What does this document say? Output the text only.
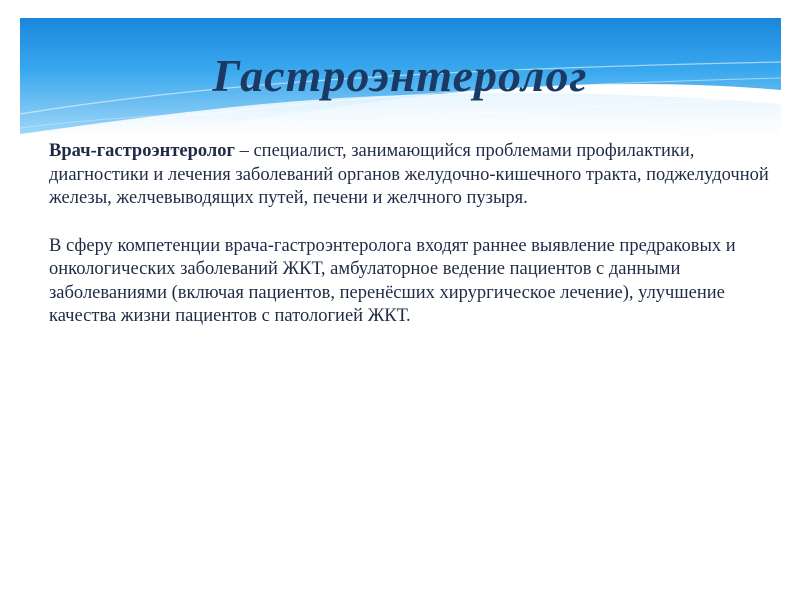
Гастроэнтеролог

Врач-гастроэнтеролог – специалист, занимающийся проблемами профилактики, диагностики и лечения заболеваний органов желудочно-кишечного тракта, поджелудочной железы, желчевыводящих путей, печени и желчного пузыря.

В сферу компетенции врача-гастроэнтеролога входят раннее выявление предраковых и онкологических заболеваний ЖКТ, амбулаторное ведение пациентов с данными заболеваниями (включая пациентов, перенёсших хирургическое лечение), улучшение качества жизни пациентов с патологией ЖКТ.
